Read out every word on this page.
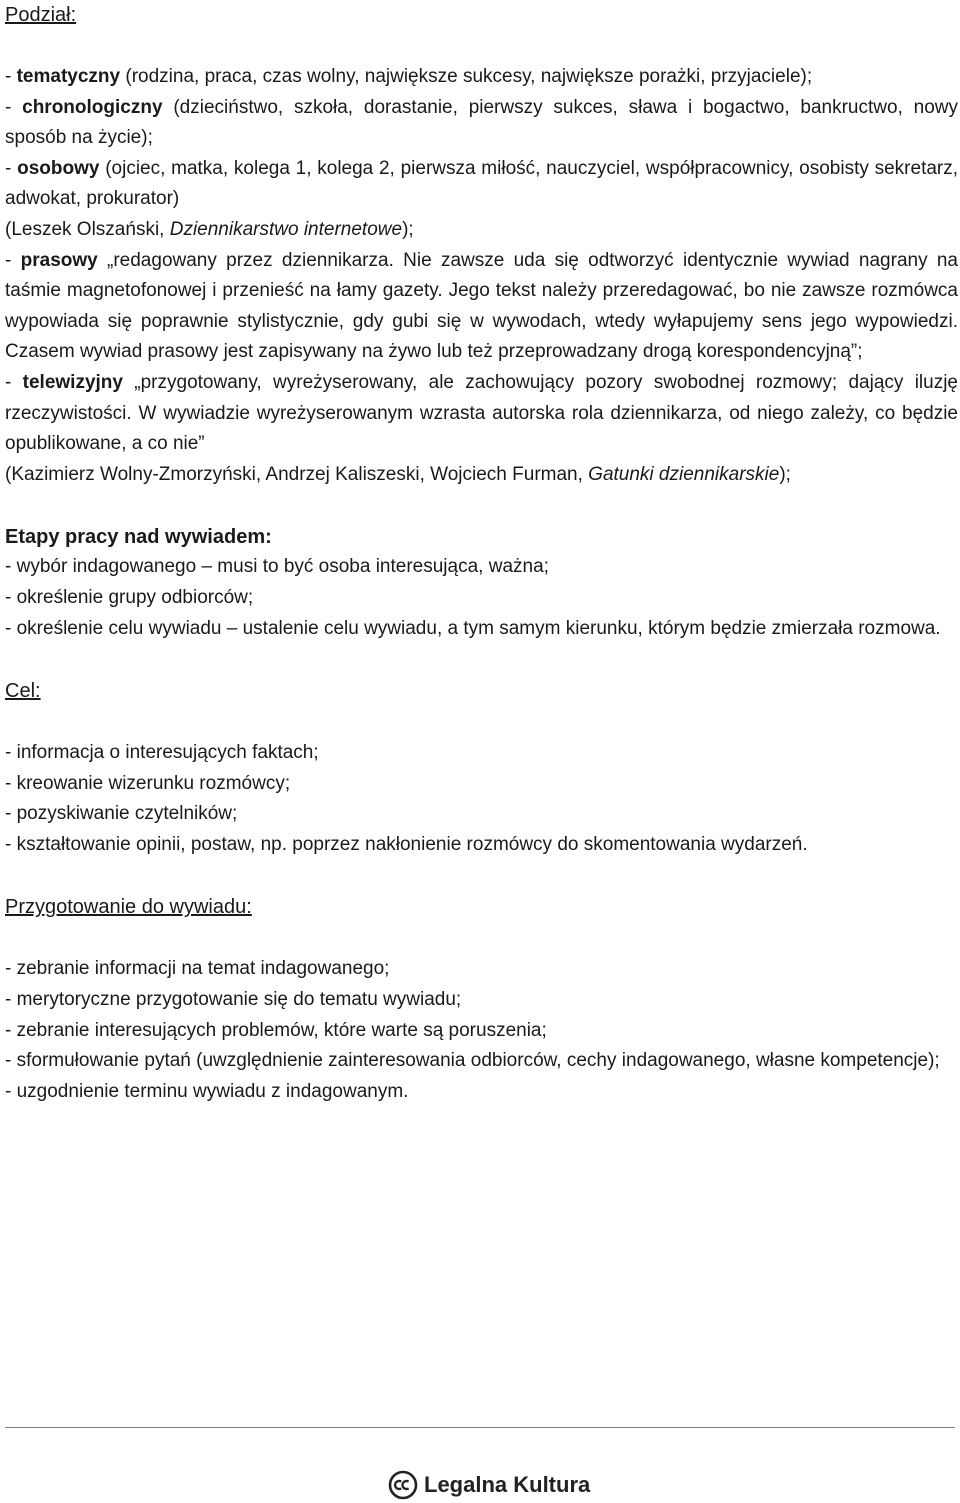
Podział:

- tematyczny (rodzina, praca, czas wolny, największe sukcesy, największe porażki, przyjaciele);

- chronologiczny (dzieciństwo, szkoła, dorastanie, pierwszy sukces, sława i bogactwo, bankructwo, nowy sposób na życie);

- osobowy (ojciec, matka, kolega 1, kolega 2, pierwsza miłość, nauczyciel, współpracownicy, osobisty sekretarz, adwokat, prokurator)

(Leszek Olszański, Dziennikarstwo internetowe);

- prasowy „redagowany przez dziennikarza. Nie zawsze uda się odtworzyć identycznie wywiad nagrany na taśmie magnetofonowej i przenieść na łamy gazety. Jego tekst należy przeredagować, bo nie zawsze rozmówca wypowiada się poprawnie stylistycznie, gdy gubi się w wywodach, wtedy wyłapujemy sens jego wypowiedzi. Czasem wywiad prasowy jest zapisywany na żywo lub też przeprowadzany drogą korespondencyjną”;

- telewizyjny „przygotowany, wyreżyserowany, ale zachowujący pozory swobodnej rozmowy; dający iluzję rzeczywistości. W wywiadzie wyreżyserowanym wzrasta autorska rola dziennikarza, od niego zależy, co będzie opublikowane, a co nie”

(Kazimierz Wolny-Zmorzyński, Andrzej Kaliszeski, Wojciech Furman, Gatunki dziennikarskie);

Etapy pracy nad wywiadem:

- wybór indagowanego – musi to być osoba interesująca, ważna;

- określenie grupy odbiorców;

- określenie celu wywiadu – ustalenie celu wywiadu, a tym samym kierunku, którym będzie zmierzała rozmowa.

Cel:

- informacja o interesujących faktach;

- kreowanie wizerunku rozmówcy;

- pozyskiwanie czytelników;

- kształtowanie opinii, postaw, np. poprzez nakłonienie rozmówcy do skomentowania wydarzeń.

Przygotowanie do wywiadu:

- zebranie informacji na temat indagowanego;

- merytoryczne przygotowanie się do tematu wywiadu;

- zebranie interesujących problemów, które warte są poruszenia;

- sformułowanie pytań (uwzględnienie zainteresowania odbiorców, cechy indagowanego, własne kompetencje);

- uzgodnienie terminu wywiadu z indagowanym.

Legalna Kultura
